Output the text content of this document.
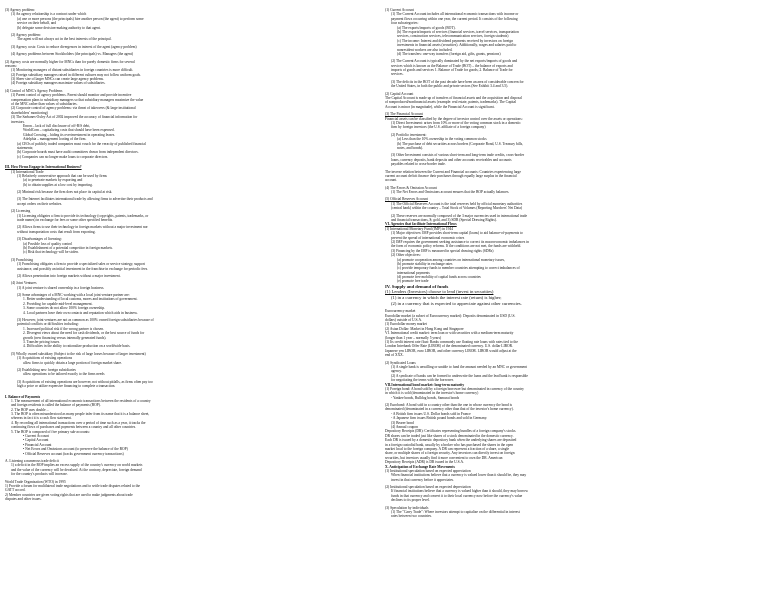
(3) Agency problem:
(1) An agency relationship is a contract under which
(a) one or more persons (the principals) hire another person (the agent) to perform some
service on their behalf, and
(b) delegate some decision-making authority to that agent.
(2) Agency problem:
The agent will not always act in the best interests of the principal.
(3) Agency costs: Costs to reduce divergences in interest of the agent (agency problem)
(4) Agency problems between Stockholders (the principals) vs. Managers (the agent)
(2) Agency costs are normally higher for MNCs than for purely domestic firms for several
reasons:
(1) Monitoring managers of distant subsidiaries in foreign countries is more difficult.
(2) Foreign subsidiary managers raised in different cultures may not follow uniform goals.
(3) Sheer size of larger MNCs can create large agency problems.
(4) Foreign subsidiary managers maximize values of subsidiaries.
(4) Control of MNC's Agency Problems
(1) Parent control of agency problems. Parent should monitor and provide incentive
compensation plans to subsidiary managers so that subsidiary managers maximize the value
of the MNC rather than values of subsidiaries.
(2) Corporate control of agency problems: via threat of takeovers (& large institutional
shareholders' monitoring)
(3) The Sarbanes-Oxley Act of 2002 improved the accuracy of financial information for
investors.
Enron – lack of full disclosure of off-B/S debt,
WorldCom – capitalizing costs that should have been expensed.
Global Crossing – hiding its overinvestment in operating leases.
Adelphia – management looting of the firm.
(a) CEOs of publicly traded companies must vouch for the veracity of published financial
statements;
(b) Corporate boards must have audit committees drawn from independent directors.
(c) Companies can no longer make loans to corporate directors.
III. How Firms Engage in International Business?
(1) International Trade
(1) Relatively conservative approach that can be used by firms
(a) to penetrate markets by exporting and
(b) to obtain supplies at a low cost by importing.
(2) Minimal risk because the firm does not place its capital at risk.
(3) The Internet facilitates international trade by allowing firms to advertise their products and
accept orders on their websites.
(2) Licensing
(1) Licensing obligates a firm to provide its technology (copyrights, patents, trademarks, or
trade names) in exchange for fees or some other specified benefits.
(2) Allows firms to use their technology in foreign markets without a major investment nor
without transportation costs that result from exporting.
(3) Disadvantages of licensing:
(a) Possible loss of quality control
(b) Establishment of a potential competitor in foreign markets.
(c) Risk that technology will be stolen.
(3) Franchising
(1) Franchising obligates a firm to provide a specialized sales or service strategy, support
assistance, and possibly an initial investment in the franchise in exchange for periodic fees.
(2) Allows penetration into foreign markets without a major investment.
(4) Joint Ventures
(1) A joint venture is shared ownership in a foreign business.
(2) Some advantages of a MNC working with a local joint venture partner are:
1. Better understanding of local customs, mores and institutions of government.
2. Providing for capable mid-level management.
3. Some countries do not allow 100% foreign ownership.
4. Local partners have their own contacts and reputation which aids in business.
(3) However, joint ventures are not as common as 100% owned foreign subsidiaries because of
potential conflicts or difficulties including:
1. Increased political risk if the wrong partner is chosen.
2. Divergent views about the need for cash dividends, or the best source of funds for
growth (new financing versus internally generated funds).
3. Transfer pricing issues.
4. Difficulties in the ability to rationalize production on a worldwide basis.
(5) Wholly owned subsidiary (Subject to the risk of large losses because of larger investment)
(1) Acquisitions of existing operations
allow firms to quickly obtain a large portion of foreign market share.
(2) Establishing new foreign subsidiaries
allow operations to be tailored exactly to the firms needs
(3) Acquisitions of existing operations are however, not without pitfalls, as firms often pay too
high a price or utilize expensive financing to complete a transaction.
I. Balance of Payments
1. The measurement of all international economic transactions between the residents of a country
and foreign residents is called the balance of payments (BOP).
2. The BOP uses double ...
3. The BOP is often misunderstood as many people infer from its name that it is a balance sheet,
whereas in fact it is a cash flow statement.
4. By recording all international transactions over a period of time such as a year, it tracks the
continuing flows of purchases and payments between a country and all other countries.
5. The BOP is composed of five primary sub-accounts:
• Current Account
• Capital Account
• Financial Account
• Net Errors and Omissions account (to preserve the balance of the BOP)
• Official Reserves account (tracks government currency transactions)
A. Listening a numerous trade deficit
1) a deficit in the BOP implies an excess supply of the country's currency on world markets
and the value of the currency will be devalued. At the contrary, depreciate, foreign demand
for the country's products will increase.
World Trade Organization (WTO) in 1995
1) Provide a forum for multilateral trade negotiations and to settle trade disputes related to the
GATT accord.
2) Member countries are given voting rights that are used to make judgments about trade
disputes and other issues.
(1) Current Account
(1) The Current Account includes all international economic transactions with income or
payment flows occurring within one year, the current period. It consists of the following
four subcategories:
(a) The exports/imports of goods (BOT).
(b) The exports/imports of services (financial services, travel services, transportation
services, construction services, telecommunication services, foreign students)
(c) The income: Interest and dividend payments received by investors on foreign
investments in financial assets (securities). Additionally, wages and salaries paid to
nonresident workers are also included.
(d) The transfers: one-way transfers (foreign aid, gifts, grants, pensions)
(2) The Current Account is typically dominated by the net exports/imports of goods and
services which is known as the Balance of Trade (BOT) – the balance of exports and
imports of goods and services 1. Balance of Trade for goods; 2. Balance of Trade for
services.
(3) The deficits in the BOT of the past decade have been an area of considerable concern for
the United States, in both the public and private sectors (See Exhibit 3.4 and 3.5).
(2) Capital Account
The Capital Account is made up of transfers of financial assets and the acquisition and disposal
of nonproduced/nonfinancial assets (example: real estate, patents, trademarks). The Capital
Account is minor (in magnitude), while the Financial Account is significant.
(3) The Financial Account
Financial assets can be classified by the degree of investor control over the assets or operations:
(1) Direct Investment: arises from 10% or more of the voting common stock in a domestic
firm by foreign investors (the U.S. affiliate of a foreign company)
(2) Portfolio investment:
(a) Less than the 10% ownership in the voting common stocks
(b) The purchase of debt securities across borders (Corporate Bond, U.S. Treasury bills,
notes, and bonds).
(3) Other Investment consists of various short-term and long-term trade credits, cross-border
loans, currency deposits, bank deposits and other accounts receivables and accounts
payables related to cross-border trade.
The inverse relation between the Current and Financial accounts: Countries experiencing large
current account deficit finance their purchases through equally large surplus in the financial
account.
(4) The Errors & Omission Account
(1) The Net Errors and Omissions account ensures that the BOP actually balances.
(5) Official Reserves Account
(1) The Official Reserves Account is the total reserves held by official monetary authorities
(central bank) within the country – Total Stock of Volumes (Reporting Marchers' Net Data)
(2) These reserves are normally composed of the 3 major currencies used in international trade
and financial transactions, $; gold, and 3) SDR (Special Drawing Rights).
VI. Agencies that facilitate International Flows
(1) International Monetary Fund (IMF) in 1944
(1) Major objectives: IMF provides short-term capital (loans) to aid balance-of-payments to
prevent the spread of international economic crises
(2) IMF requires the government seeking assistance to correct its macroeconomic imbalances in
the form of economic policy reforms. If the conditions are not met, the funds are withheld.
(3) Financing by the IMF is measured in special drawing rights (SDRs)
(2) Other objectives:
(a) promote cooperation among countries on international monetary issues,
(b) promote stability in exchange rates
(c) provide temporary funds to member countries attempting to correct imbalances of
international payments
(d) promote free mobility of capital funds across countries
(e) promote free trade
IV. Supply and demand of funds
(1) Lenders (Investors) choose to lend (invest in securities)
(1) in a currency in which the interest rate (return) is higher;
(2) in a currency that is expected to appreciate against other currencies.
Eurocurrency market
Eurodollar market (a subset of Eurocurrency market): Deposits denominated in USD (U.S.
dollars) outside of U.S.A.
(1) Eurodollar money market
(2) Asian Dollar: Market in Hong Kong and Singapore
VI. International credit market: term loan or with securities with a medium-term maturity
(longer than 1 year – normally 5 years)
(1) Its credit interest rate float: Banks commonly use floating rate loans with rates tied to the
London Interbank Offer Rate (LIBOR) of the denominated currency. U.S. dollar LIBOR.
Japanese yen LIBOR, euro LIBOR, and other currency LIBOR. LIBOR would adjust at the
end of XXX.
(2) Syndicated Loans
(1) A single bank is unwilling or unable to fund the amount needed by an MNC or government
agency.
(2) A syndicate of banks can be formed to underwrite the loans and the lead bank is responsible
for negotiating the terms with the borrower.
VII.International bond market: long-term maturity
(1) Foreign bond: A bond sold by a foreign borrower but denominated in currency of the country
in which it is sold (denominated in the investor's home currency)
- Yankee bonds, Bulldog bonds, Samurai bonds
(2) Eurobond: A bond sold in a country other than the one in whose currency the bond is
denominated (denominated in a currency other than that of the investor's home currency).
- A British firm issues U.S. Dollar bonds sold in France
- A Japanese firm issues British pound bonds and sold in Germany.
(3) Bearer bond
(4) Annual coupon
Depository Receipts (DR): Certificates representing bundles of a foreign company's stocks.
DR shares can be traded just like shares of a stock denominated in the domestic currency.
Each DR is issued by a domestic depository bank when the underlying shares are deposited
in a foreign custodial bank, usually by a broker who has purchased the shares in the open
market local to the foreign company. A DR can represent a fraction of a share, a single
share, or multiple shares of a foreign security. Any investors can directly invest on foreign
securities, but investors usually find it more convenient to own the DR. American
Depository Receipts (ADR) is DR issued in the U.S.A.
X. Anticipation of Exchange Rate Movements
(1) Institutional speculation based on expected appreciation
When financial institutions believe that a currency is valued lower than it should be, they may
invest in that currency before it appreciates.
(2) Institutional speculation based on expected depreciation
If financial institutions believe that a currency is valued higher than it should, they may borrow
funds in that currency and convert it to their local currency now before the currency's value
declines to its proper level.
(3) Speculation by individuals
(1) The "Carry Trade": Where investors attempt to capitalize on the differential in interest
rates between two countries.
